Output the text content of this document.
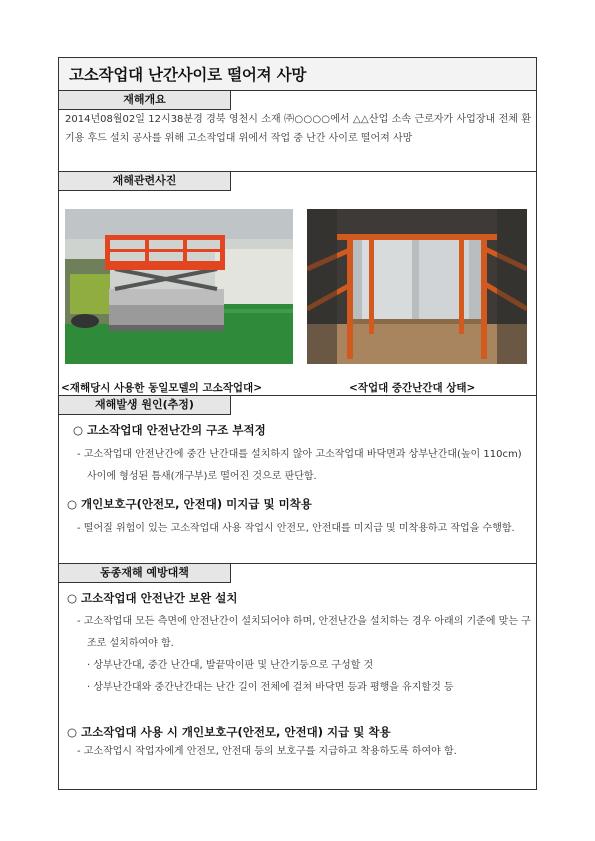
고소작업대 난간사이로 떨어져 사망
재해개요
2014년08월02일 12시38분경 경북 영천시 소재 ㈜○○○○에서 △△산업 소속 근로자가 사업장내 전체 환기용 후드 설치 공사를 위해 고소작업대 위에서 작업 중 난간 사이로 떨어져 사망
재해관련사진
<재해당시 사용한 동일모델의 고소작업대>	<작업대 중간난간대 상태>
재해발생 원인(추정)
○ 고소작업대 안전난간의 구조 부적정
- 고소작업대 안전난간에 중간 난간대를 설치하지 않아 고소작업대 바닥면과 상부난간대(높이 110cm) 사이에 형성된 틈새(개구부)로 떨어진 것으로 판단함.
○ 개인보호구(안전모, 안전대) 미지급 및 미착용
- 떨어질 위험이 있는 고소작업대 사용 작업시 안전모, 안전대를 미지급 및 미착용하고 작업을 수행함.
동종재해 예방대책
○ 고소작업대 안전난간 보완 설치
- 고소작업대 모든 측면에 안전난간이 설치되어야 하며, 안전난간을 설치하는 경우 아래의 기준에 맞는 구조로 설치하여야 함.
· 상부난간대, 중간 난간대, 발끝막이판 및 난간기둥으로 구성할 것
· 상부난간대와 중간난간대는 난간 길이 전체에 걸쳐 바닥면 등과 평행을 유지할것 등
○ 고소작업대 사용 시 개인보호구(안전모, 안전대) 지급 및 착용
- 고소작업시 작업자에게 안전모, 안전대 등의 보호구를 지급하고 착용하도록 하여야 함.
